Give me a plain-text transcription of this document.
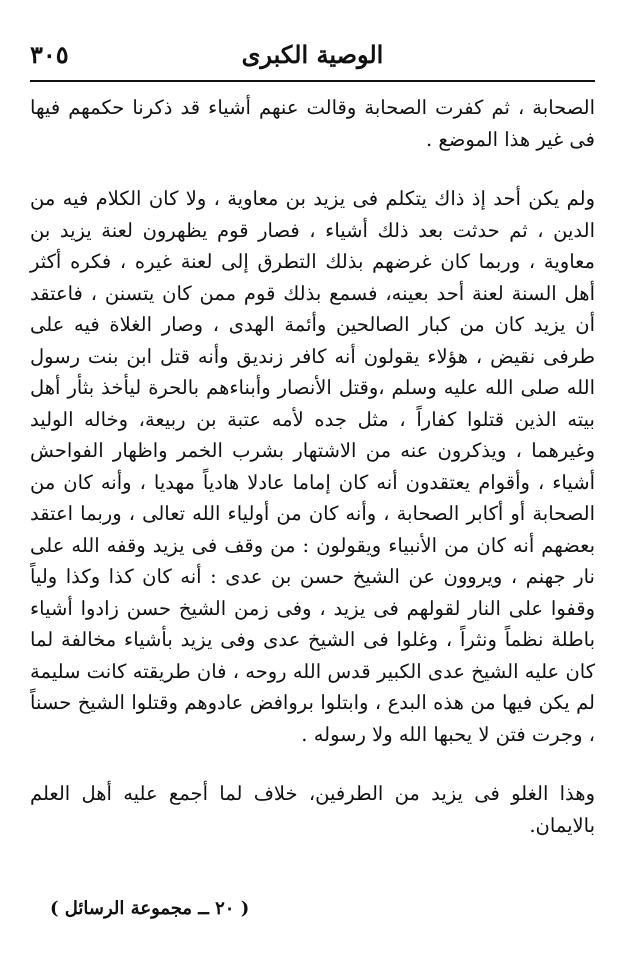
الوصية الكبرى
٣٠٥

الصحابة ، ثم كفرت الصحابة وقالت عنهم أشياء قد ذكرنا حكمهم فيها فى غير هذا الموضع .

ولم يكن أحد إذ ذاك يتكلم فى يزيد بن معاوية ، ولا كان الكلام فيه من الدين ، ثم حدثت بعد ذلك أشياء ، فصار قوم يظهرون لعنة يزيد بن معاوية ، وربما كان غرضهم بذلك التطرق إلى لعنة غيره ، فكره أكثر أهل السنة لعنة أحد بعينه، فسمع بذلك قوم ممن كان يتسنن ، فاعتقد أن يزيد كان من كبار الصالحين وأئمة الهدى ، وصار الغلاة فيه على طرفى نقيض ، هؤلاء يقولون أنه كافر زنديق وأنه قتل ابن بنت رسول الله صلى الله عليه وسلم ،وقتل الأنصار وأبناءهم بالحرة ليأخذ بثأر أهل بيته الذين قتلوا كفاراً ، مثل جده لأمه عتبة بن ربيعة، وخاله الوليد وغيرهما ، ويذكرون عنه من الاشتهار بشرب الخمر واظهار الفواحش أشياء ، وأقوام يعتقدون أنه كان إماما عادلا هادياً مهديا ، وأنه كان من الصحابة أو أكابر الصحابة ، وأنه كان من أولياء الله تعالى ، وربما اعتقد بعضهم أنه كان من الأنبياء ويقولون : من وقف فى يزيد وقفه الله على نار جهنم ، ويروون عن الشيخ حسن بن عدى : أنه كان كذا وكذا ولياً وقفوا على النار لقولهم فى يزيد ، وفى زمن الشيخ حسن زادوا أشياء باطلة نظماً ونثراً ، وغلوا فى الشيخ عدى وفى يزيد بأشياء مخالفة لما كان عليه الشيخ عدى الكبير قدس الله روحه ، فان طريقته كانت سليمة لم يكن فيها من هذه البدع ، وابتلوا بروافض عادوهم وقتلوا الشيخ حسناً ، وجرت فتن لا يحبها الله ولا رسوله .

وهذا الغلو فى يزيد من الطرفين، خلاف لما أجمع عليه أهل العلم بالايمان.

( ٢٠ ــ مجموعة الرسائل )
